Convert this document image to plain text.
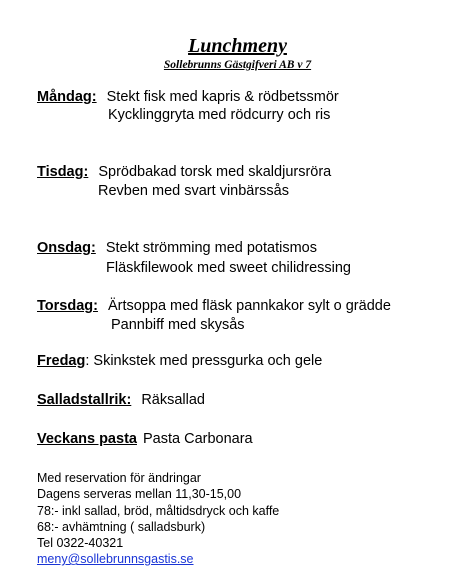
Lunchmeny
Sollebrunns Gästgifveri AB v 7
Måndag: Stekt fisk med kapris & rödbetssmör
Kycklinggryta med rödcurry och ris
Tisdag: Sprödbakad torsk med skaldjursröra
Revben med svart vinbärssås
Onsdag: Stekt strömming med potatismos
Fläskfilewook med sweet chilidressing
Torsdag: Ärtsoppa med fläsk pannkakor sylt o grädde
Pannbiff med skysås
Fredag: Skinkstek med pressgurka och gele
Salladstallrik: Räksallad
Veckans pasta Pasta Carbonara
Med reservation för ändringar
Dagens serveras mellan 11,30-15,00
78:- inkl sallad, bröd, måltidsdryck och kaffe
68:- avhämtning ( salladsburk)
Tel 0322-40321
meny@sollebrunnsgastis.se
